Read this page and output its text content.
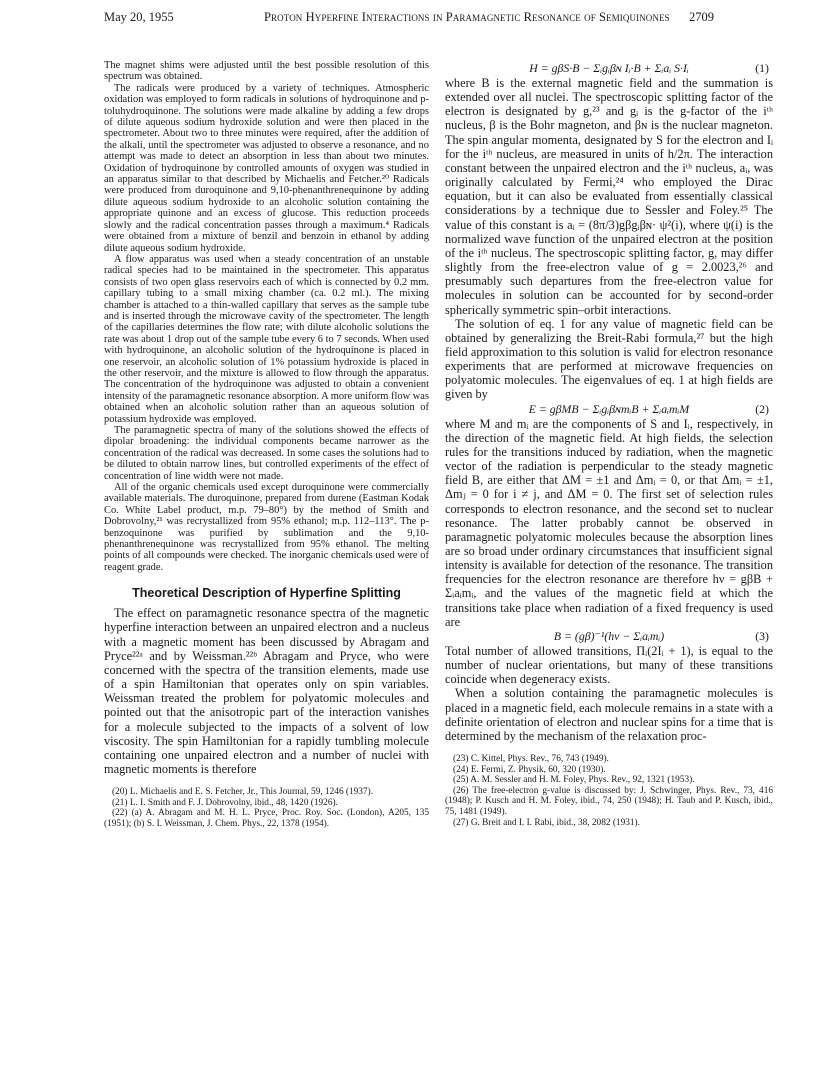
May 20, 1955	Proton Hyperfine Interactions in Paramagnetic Resonance of Semiquinones 2709

The magnet shims were adjusted until the best possible resolution of this spectrum was obtained.

The radicals were produced by a variety of techniques. Atmospheric oxidation was employed to form radicals in solutions of hydroquinone and p-toluhydroquinone. The solutions were made alkaline by adding a few drops of dilute aqueous sodium hydroxide solution and were then placed in the spectrometer. About two to three minutes were required, after the addition of the alkali, until the spectrometer was adjusted to observe a resonance, and no attempt was made to detect an absorption in less than about two minutes. Oxidation of hydroquinone by controlled amounts of oxygen was studied in an apparatus similar to that described by Michaelis and Fetcher.²⁰ Radicals were produced from duroquinone and 9,10-phenanthrenequinone by adding dilute aqueous sodium hydroxide to an alcoholic solution containing the appropriate quinone and an excess of glucose. This reduction proceeds slowly and the radical concentration passes through a maximum.⁴ Radicals were obtained from a mixture of benzil and benzoin in ethanol by adding dilute aqueous sodium hydroxide.

A flow apparatus was used when a steady concentration of an unstable radical species had to be maintained in the spectrometer. This apparatus consists of two open glass reservoirs each of which is connected by 0.2 mm. capillary tubing to a small mixing chamber (ca. 0.2 ml.). The mixing chamber is attached to a thin-walled capillary that serves as the sample tube and is inserted through the microwave cavity of the spectrometer. The length of the capillaries determines the flow rate; with dilute alcoholic solutions the rate was about 1 drop out of the sample tube every 6 to 7 seconds. When used with hydroquinone, an alcoholic solution of the hydroquinone is placed in one reservoir, an alcoholic solution of 1% potassium hydroxide is placed in the other reservoir, and the mixture is allowed to flow through the apparatus. The concentration of the hydroquinone was adjusted to obtain a convenient intensity of the paramagnetic resonance absorption. A more uniform flow was obtained when an alcoholic solution rather than an aqueous solution of potassium hydroxide was employed.

The paramagnetic spectra of many of the solutions showed the effects of dipolar broadening: the individual components became narrower as the concentration of the radical was decreased. In some cases the solutions had to be diluted to obtain narrow lines, but controlled experiments of the effect of concentration of line width were not made.

All of the organic chemicals used except duroquinone were commercially available materials. The duroquinone, prepared from durene (Eastman Kodak Co. White Label product, m.p. 79–80°) by the method of Smith and Dobrovolny,²¹ was recrystallized from 95% ethanol; m.p. 112–113°. The p-benzoquinone was purified by sublimation and the 9,10-phenanthrenequinone was recrystallized from 95% ethanol. The melting points of all compounds were checked. The inorganic chemicals used were of reagent grade.

Theoretical Description of Hyperfine Splitting

The effect on paramagnetic resonance spectra of the magnetic hyperfine interaction between an unpaired electron and a nucleus with a magnetic moment has been discussed by Abragam and Pryce²²ᵃ and by Weissman.²²ᵇ Abragam and Pryce, who were concerned with the spectra of the transition elements, made use of a spin Hamiltonian that operates only on spin variables. Weissman treated the problem for polyatomic molecules and pointed out that the anisotropic part of the interaction vanishes for a molecule subjected to the impacts of a solvent of low viscosity. The spin Hamiltonian for a rapidly tumbling molecule containing one unpaired electron and a number of nuclei with magnetic moments is therefore

(20) L. Michaelis and E. S. Fetcher, Jr., This Journal, 59, 1246 (1937).

(21) L. I. Smith and F. J. Dobrovolny, ibid., 48, 1420 (1926).

(22) (a) A. Abragam and M. H. L. Pryce, Proc. Roy. Soc. (London), A205, 135 (1951); (b) S. I. Weissman, J. Chem. Phys., 22, 1378 (1954).

H = gβS·B − Σᵢgᵢβɴ Iᵢ·B + Σᵢaᵢ S·Iᵢ	(1)

where B is the external magnetic field and the summation is extended over all nuclei. The spectroscopic splitting factor of the electron is designated by g,²³ and gᵢ is the g-factor of the iᵗʰ nucleus, β is the Bohr magneton, and βɴ is the nuclear magneton. The spin angular momenta, designated by S for the electron and Iᵢ for the iᵗʰ nucleus, are measured in units of h/2π. The interaction constant between the unpaired electron and the iᵗʰ nucleus, aᵢ, was originally calculated by Fermi,²⁴ who employed the Dirac equation, but it can also be evaluated from essentially classical considerations by a technique due to Sessler and Foley.²⁵ The value of this constant is aᵢ = (8π/3)gβgᵢβɴ· ψ²(i), where ψ(i) is the normalized wave function of the unpaired electron at the position of the iᵗʰ nucleus. The spectroscopic splitting factor, g, may differ slightly from the free-electron value of g = 2.0023,²⁶ and presumably such departures from the free-electron value for molecules in solution can be accounted for by second-order spherically symmetric spin–orbit interactions.

The solution of eq. 1 for any value of magnetic field can be obtained by generalizing the Breit-Rabi formula,²⁷ but the high field approximation to this solution is valid for electron resonance experiments that are performed at microwave frequencies on polyatomic molecules. The eigenvalues of eq. 1 at high fields are given by

E = gβMB − ΣᵢgᵢβɴmᵢB + ΣᵢaᵢmᵢM	(2)

where M and mᵢ are the components of S and Iᵢ, respectively, in the direction of the magnetic field. At high fields, the selection rules for the transitions induced by radiation, when the magnetic vector of the radiation is perpendicular to the steady magnetic field B, are either that ΔM = ±1 and Δmᵢ = 0, or that Δmᵢ = ±1, Δmⱼ = 0 for i ≠ j, and ΔM = 0. The first set of selection rules corresponds to electron resonance, and the second set to nuclear resonance. The latter probably cannot be observed in paramagnetic polyatomic molecules because the absorption lines are so broad under ordinary circumstances that insufficient signal intensity is available for detection of the resonance. The transition frequencies for the electron resonance are therefore hν = gβB + Σᵢaᵢmᵢ, and the values of the magnetic field at which the transitions take place when radiation of a fixed frequency is used are

B = (gβ)⁻¹(hν − Σᵢaᵢmᵢ)	(3)

Total number of allowed transitions, Πᵢ(2Iᵢ + 1), is equal to the number of nuclear orientations, but many of these transitions coincide when degeneracy exists.

When a solution containing the paramagnetic molecules is placed in a magnetic field, each molecule remains in a state with a definite orientation of electron and nuclear spins for a time that is determined by the mechanism of the relaxation proc-

(23) C. Kittel, Phys. Rev., 76, 743 (1949).

(24) E. Fermi, Z. Physik, 60, 320 (1930).

(25) A. M. Sessler and H. M. Foley, Phys. Rev., 92, 1321 (1953).

(26) The free-electron g-value is discussed by: J. Schwinger, Phys. Rev., 73, 416 (1948); P. Kusch and H. M. Foley, ibid., 74, 250 (1948); H. Taub and P. Kusch, ibid., 75, 1481 (1949).

(27) G. Breit and I. I. Rabi, ibid., 38, 2082 (1931).
